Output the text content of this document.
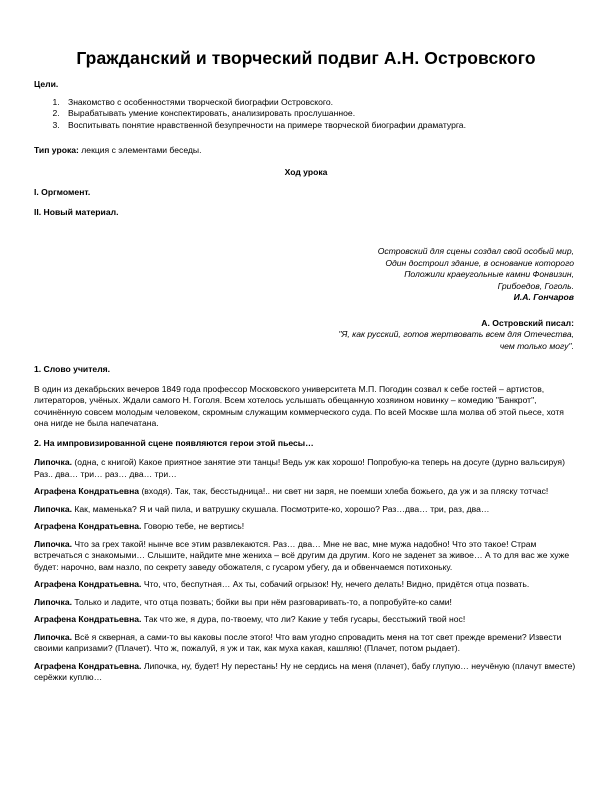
Гражданский и творческий подвиг А.Н. Островского
Цели.
1. Знакомство с особенностями творческой биографии Островского.
2. Вырабатывать умение конспектировать, анализировать прослушанное.
3. Воспитывать понятие нравственной безупречности на примере творческой биографии драматурга.
Тип урока: лекция с элементами беседы.
Ход урока
I. Оргмомент.
II. Новый материал.
Островский для сцены создал свой особый мир,
Один достроил здание, в основание которого
Положили краеугольные камни Фонвизин,
Грибоедов, Гоголь.
И.А. Гончаров
А. Островский писал:
"Я, как русский, готов жертвовать всем для Отечества,
чем только могу".
1. Слово учителя.
В один из декабрьских вечеров 1849 года профессор Московского университета М.П. Погодин созвал к себе гостей – артистов, литераторов, учёных. Ждали самого Н. Гоголя. Всем хотелось услышать обещанную хозяином новинку – комедию "Банкрот", сочинённую совсем молодым человеком, скромным служащим коммерческого суда. По всей Москве шла молва об этой пьесе, хотя она нигде не была напечатана.
2. На импровизированной сцене появляются герои этой пьесы…
Липочка. (одна, с книгой) Какое приятное занятие эти танцы! Ведь уж как хорошо! Попробую-ка теперь на досуге (дурно вальсируя) Раз.. два… три… раз… два… три…
Аграфена Кондратьевна (входя). Так, так, бесстыдница!.. ни свет ни заря, не поемши хлеба божьего, да уж и за пляску тотчас!
Липочка. Как, маменька? Я и чай пила, и ватрушку скушала. Посмотрите-ко, хорошо? Раз…два… три, раз, два…
Аграфена Кондратьевна. Говорю тебе, не вертись!
Липочка. Что за грех такой! нынче все этим развлекаются. Раз… два… Мне не вас, мне мужа надобно! Что это такое! Страм встречаться с знакомыми… Слышите, найдите мне жениха – всё другим да другим. Кого не заденет за живое… А то для вас же хуже будет: нарочно, вам назло, по секрету заведу обожателя, с гусаром убегу, да и обвенчаемся потихоньку.
Аграфена Кондратьевна. Что, что, беспутная… Ах ты, собачий огрызок! Ну, нечего делать! Видно, придётся отца позвать.
Липочка. Только и ладите, что отца позвать; бойки вы при нём разговаривать-то, а попробуйте-ко сами!
Аграфена Кондратьевна. Так что же, я дура, по-твоему, что ли? Какие у тебя гусары, бесстыжий твой нос!
Липочка. Всё я скверная, а сами-то вы каковы после этого! Что вам угодно спровадить меня на тот свет прежде времени? Извести своими капризами? (Плачет). Что ж, пожалуй, я уж и так, как муха какая, кашляю! (Плачет, потом рыдает).
Аграфена Кондратьевна. Липочка, ну, будет! Ну перестань! Ну не сердись на меня (плачет), бабу глупую… неучёную (плачут вместе) серёжки куплю…
